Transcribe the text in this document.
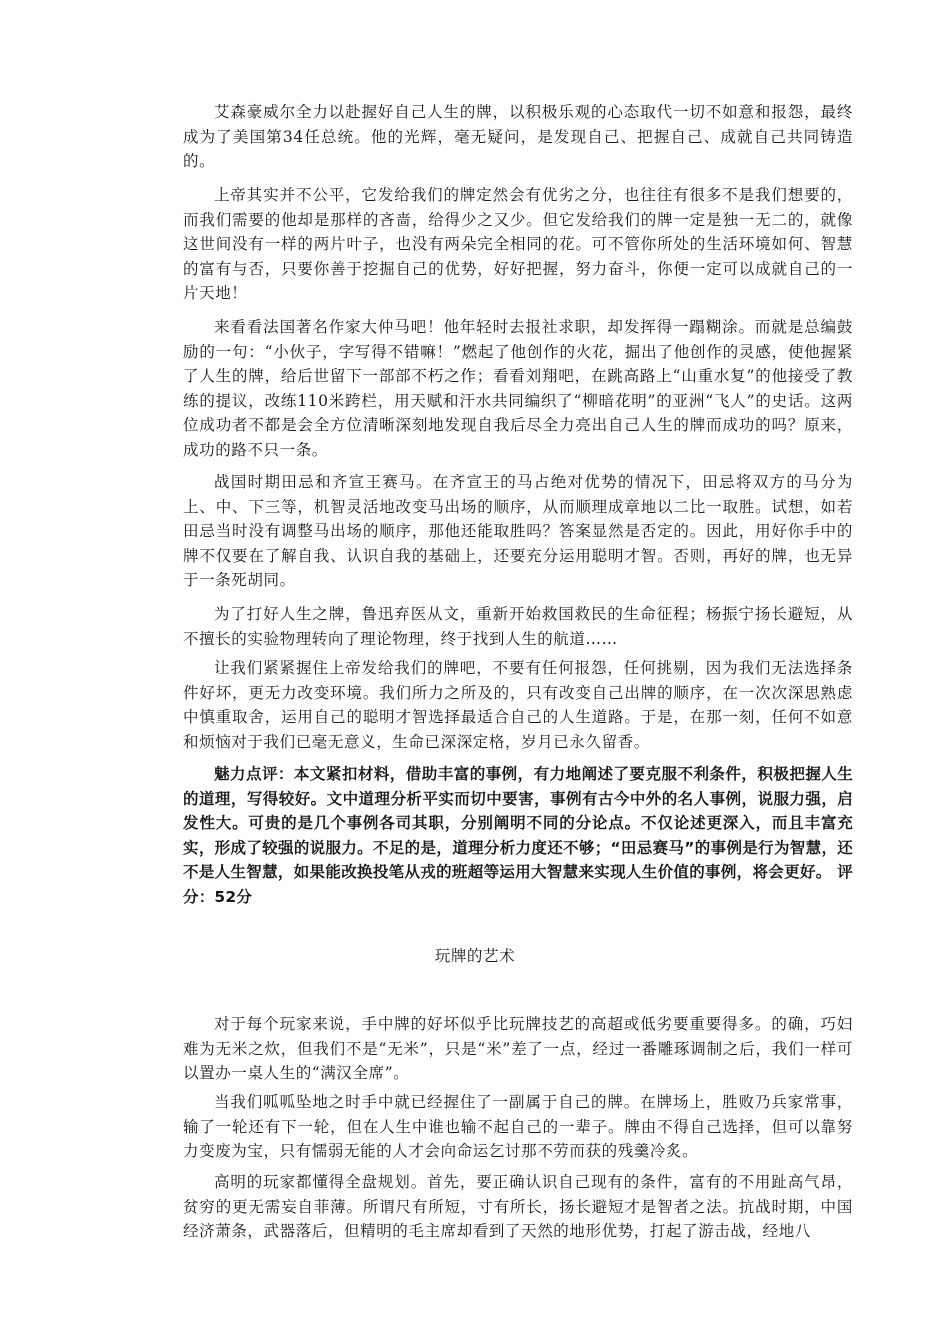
艾森豪威尔全力以赴握好自己人生的牌，以积极乐观的心态取代一切不如意和报怨，最终成为了美国第34任总统。他的光辉，毫无疑问，是发现自己、把握自己、成就自己共同铸造的。
上帝其实并不公平，它发给我们的牌定然会有优劣之分，也往往有很多不是我们想要的，而我们需要的他却是那样的吝啬，给得少之又少。但它发给我们的牌一定是独一无二的，就像这世间没有一样的两片叶子，也没有两朵完全相同的花。可不管你所处的生活环境如何、智慧的富有与否，只要你善于挖掘自己的优势，好好把握，努力奋斗，你便一定可以成就自己的一片天地！
来看看法国著名作家大仲马吧！他年轻时去报社求职，却发挥得一蹋糊涂。而就是总编鼓励的一句：“小伙子，字写得不错嘛！”燃起了他创作的火花，掘出了他创作的灵感，使他握紧了人生的牌，给后世留下一部部不朽之作；看看刘翔吧，在跳高路上“山重水复”的他接受了教练的提议，改练110米跨栏，用天赋和汗水共同编织了“柳暗花明”的亚洲“飞人”的史话。这两位成功者不都是会全方位清晰深刻地发现自我后尽全力亮出自己人生的牌而成功的吗？原来，成功的路不只一条。
战国时期田忌和齐宣王赛马。在齐宣王的马占绝对优势的情况下，田忌将双方的马分为上、中、下三等，机智灵活地改变马出场的顺序，从而顺理成章地以二比一取胜。试想，如若田忌当时没有调整马出场的顺序，那他还能取胜吗？答案显然是否定的。因此，用好你手中的牌不仅要在了解自我、认识自我的基础上，还要充分运用聪明才智。否则，再好的牌，也无异于一条死胡同。
为了打好人生之牌，鲁迅弃医从文，重新开始救国救民的生命征程；杨振宁扬长避短，从不擅长的实验物理转向了理论物理，终于找到人生的航道……
让我们紧紧握住上帝发给我们的牌吧，不要有任何报怨，任何挑剔，因为我们无法选择条件好坏，更无力改变环境。我们所力之所及的，只有改变自己出牌的顺序，在一次次深思熟虑中慎重取舍，运用自己的聪明才智选择最适合自己的人生道路。于是，在那一刻，任何不如意和烦恼对于我们已毫无意义，生命已深深定格，岁月已永久留香。
魅力点评：本文紧扣材料，借助丰富的事例，有力地阐述了要克服不利条件，积极把握人生的道理，写得较好。文中道理分析平实而切中要害，事例有古今中外的名人事例，说服力强，启发性大。可贵的是几个事例各司其职，分别阐明不同的分论点。不仅论述更深入，而且丰富充实，形成了较强的说服力。不足的是，道理分析力度还不够；“田忌赛马”的事例是行为智慧，还不是人生智慧，如果能改换投笔从戎的班超等运用大智慧来实现人生价值的事例，将会更好。 评分：52分
玩牌的艺术
对于每个玩家来说，手中牌的好坏似乎比玩牌技艺的高超或低劣要重要得多。的确，巧妇难为无米之炊，但我们不是“无米”，只是“米”差了一点，经过一番雕琢调制之后，我们一样可以置办一桌人生的“满汉全席”。
当我们呱呱坠地之时手中就已经握住了一副属于自己的牌。在牌场上，胜败乃兵家常事，输了一轮还有下一轮，但在人生中谁也输不起自己的一辈子。牌由不得自己选择，但可以靠努力变废为宝，只有懦弱无能的人才会向命运乞讨那不劳而获的残羹冷炙。
高明的玩家都懂得全盘规划。首先，要正确认识自己现有的条件，富有的不用趾高气昂，贫穷的更无需妄自菲薄。所谓尺有所短，寸有所长，扬长避短才是智者之法。抗战时期，中国经济萧条，武器落后，但精明的毛主席却看到了天然的地形优势，打起了游击战，经地八
